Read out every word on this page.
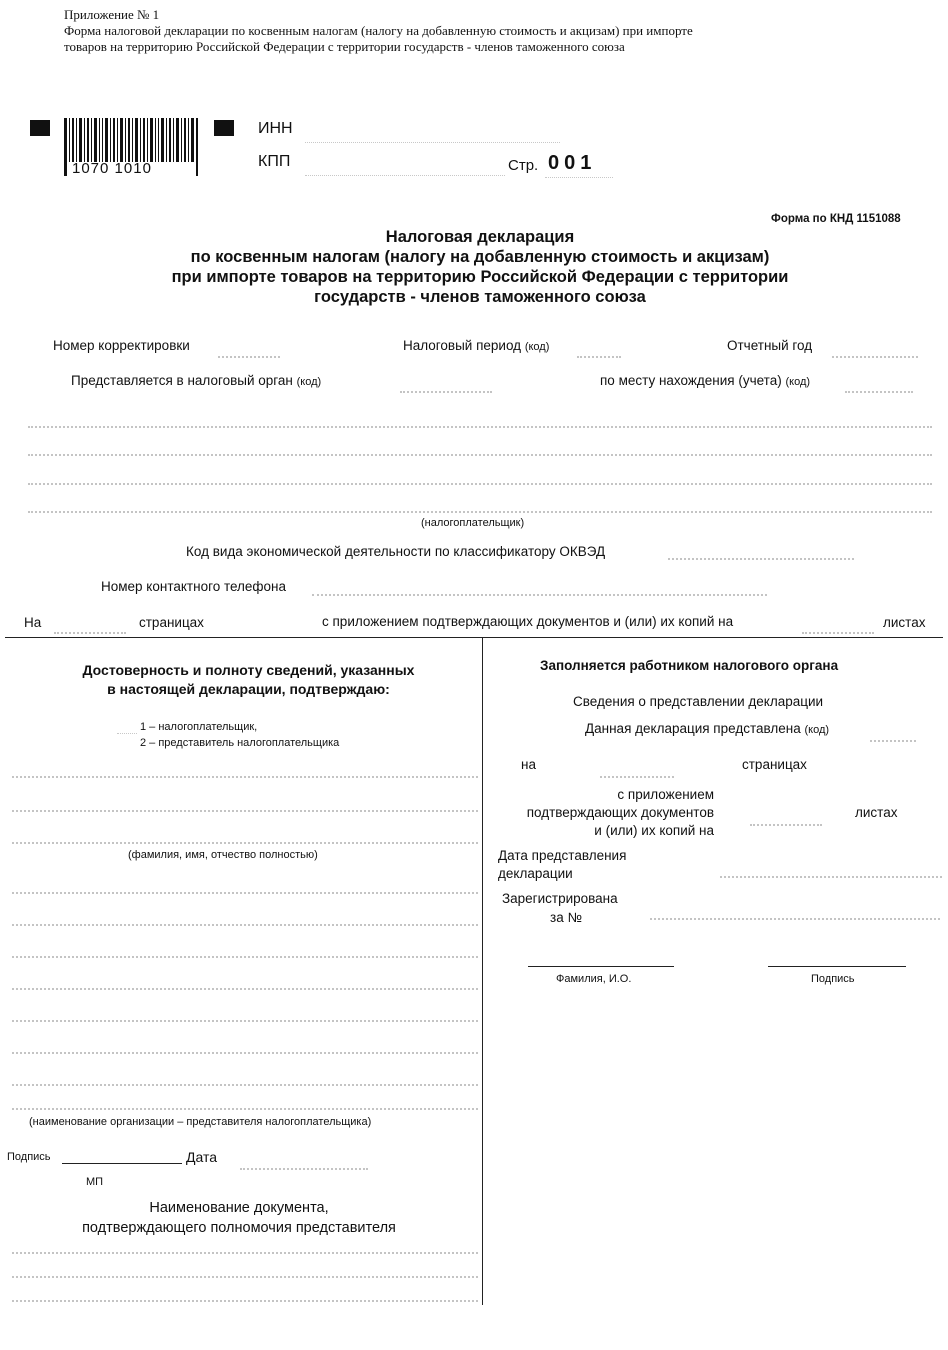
Приложение № 1
Форма налоговой декларации по косвенным налогам (налогу на добавленную стоимость и акцизам) при импорте
товаров на территорию Российской Федерации с территории государств - членов таможенного союза
1070 1010
ИНН
КПП	Стр. 001
Форма по КНД 1151088
Налоговая декларация
по косвенным налогам (налогу на добавленную стоимость и акцизам)
при импорте товаров на территорию Российской Федерации с территории
государств - членов таможенного союза
Номер корректировки	Налоговый период (код)	Отчетный год
Представляется в налоговый орган (код)	по месту нахождения (учета) (код)
(налогоплательщик)
Код вида экономической деятельности по классификатору ОКВЭД
Номер контактного телефона
На	страницах	с приложением подтверждающих документов и (или) их копий на	листах
Достоверность и полноту сведений, указанных
в настоящей декларации, подтверждаю:
1 – налогоплательщик,
2 – представитель налогоплательщика
(фамилия, имя, отчество полностью)
(наименование организации – представителя налогоплательщика)
Подпись	Дата
МП
Наименование документа,
подтверждающего полномочия представителя
Заполняется работником налогового органа
Сведения о представлении декларации
Данная декларация представлена (код)
на	страницах
с приложением
подтверждающих документов
и (или) их копий на
листах
Дата представления
декларации
Зарегистрирована
за №
Фамилия, И.О.	Подпись
